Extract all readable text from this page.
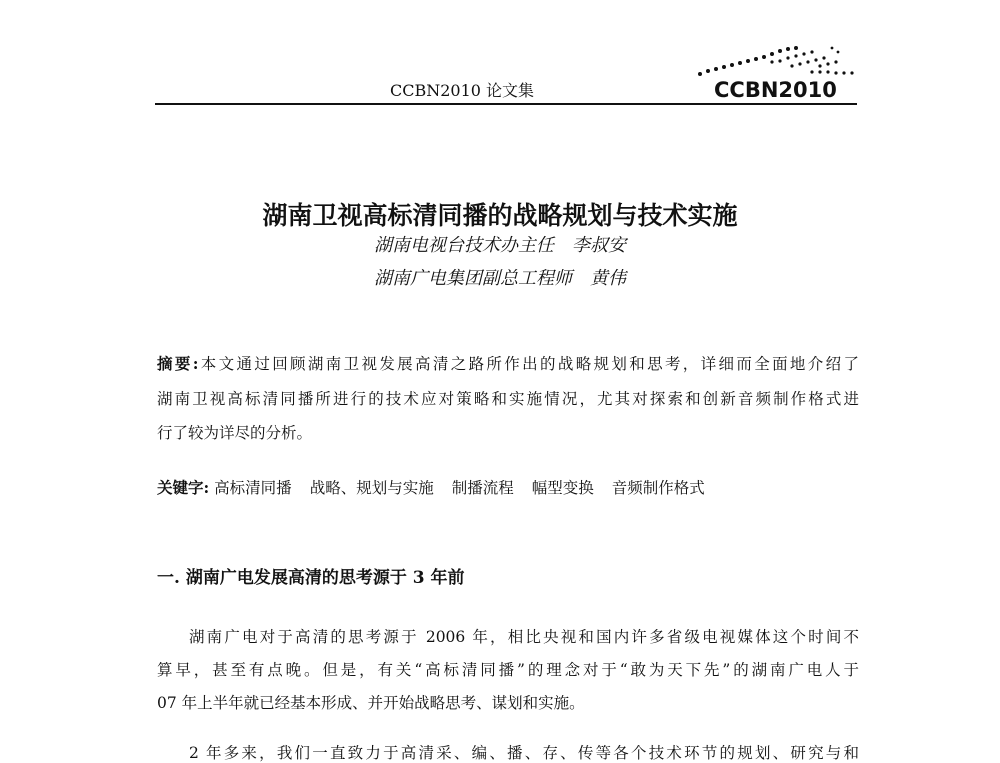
CCBN2010 论文集	CCBN2010
湖南卫视高标清同播的战略规划与技术实施
湖南电视台技术办主任　李叔安
湖南广电集团副总工程师　黄伟
摘要:本文通过回顾湖南卫视发展高清之路所作出的战略规划和思考，详细而全面地介绍了
湖南卫视高标清同播所进行的技术应对策略和实施情况，尤其对探索和创新音频制作格式进
行了较为详尽的分析。
关键字: 高标清同播 战略、规划与实施 制播流程 幅型变换 音频制作格式
一. 湖南广电发展高清的思考源于 3 年前
湖南广电对于高清的思考源于 2006 年，相比央视和国内许多省级电视媒体这个时间不
算早，甚至有点晚。但是，有关“高标清同播”的理念对于“敢为天下先”的湖南广电人于
07 年上半年就已经基本形成、并开始战略思考、谋划和实施。
2 年多来，我们一直致力于高清采、编、播、存、传等各个技术环节的规划、研究与和
